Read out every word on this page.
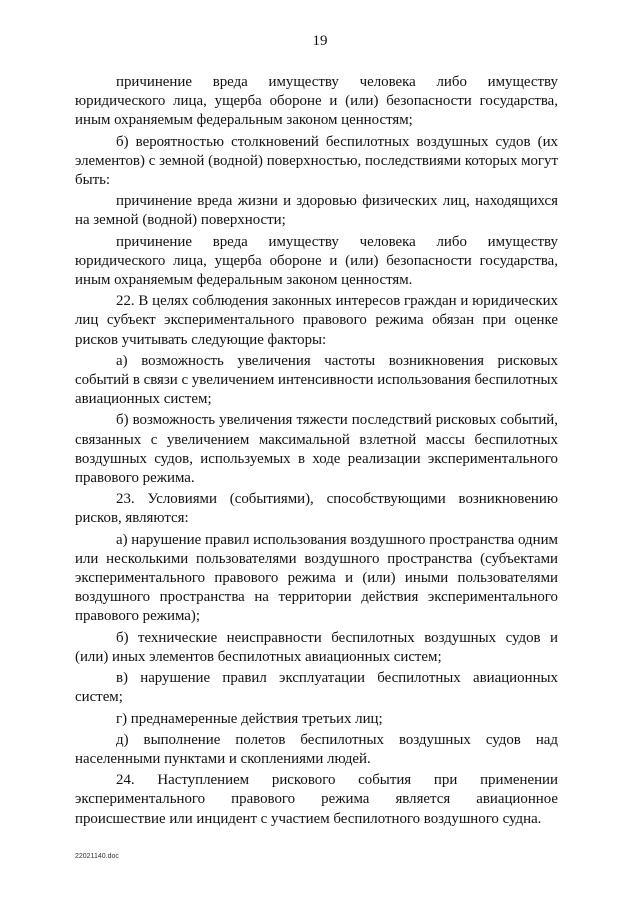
19

причинение вреда имуществу человека либо имуществу юридического лица, ущерба обороне и (или) безопасности государства, иным охраняемым федеральным законом ценностям;

б) вероятностью столкновений беспилотных воздушных судов (их элементов) с земной (водной) поверхностью, последствиями которых могут быть:

причинение вреда жизни и здоровью физических лиц, находящихся на земной (водной) поверхности;

причинение вреда имуществу человека либо имуществу юридического лица, ущерба обороне и (или) безопасности государства, иным охраняемым федеральным законом ценностям.

22. В целях соблюдения законных интересов граждан и юридических лиц субъект экспериментального правового режима обязан при оценке рисков учитывать следующие факторы:

а) возможность увеличения частоты возникновения рисковых событий в связи с увеличением интенсивности использования беспилотных авиационных систем;

б) возможность увеличения тяжести последствий рисковых событий, связанных с увеличением максимальной взлетной массы беспилотных воздушных судов, используемых в ходе реализации экспериментального правового режима.

23. Условиями (событиями), способствующими возникновению рисков, являются:

а) нарушение правил использования воздушного пространства одним или несколькими пользователями воздушного пространства (субъектами экспериментального правового режима и (или) иными пользователями воздушного пространства на территории действия экспериментального правового режима);

б) технические неисправности беспилотных воздушных судов и (или) иных элементов беспилотных авиационных систем;

в) нарушение правил эксплуатации беспилотных авиационных систем;

г) преднамеренные действия третьих лиц;

д) выполнение полетов беспилотных воздушных судов над населенными пунктами и скоплениями людей.

24. Наступлением рискового события при применении экспериментального правового режима является авиационное происшествие или инцидент с участием беспилотного воздушного судна.

22021140.doc
